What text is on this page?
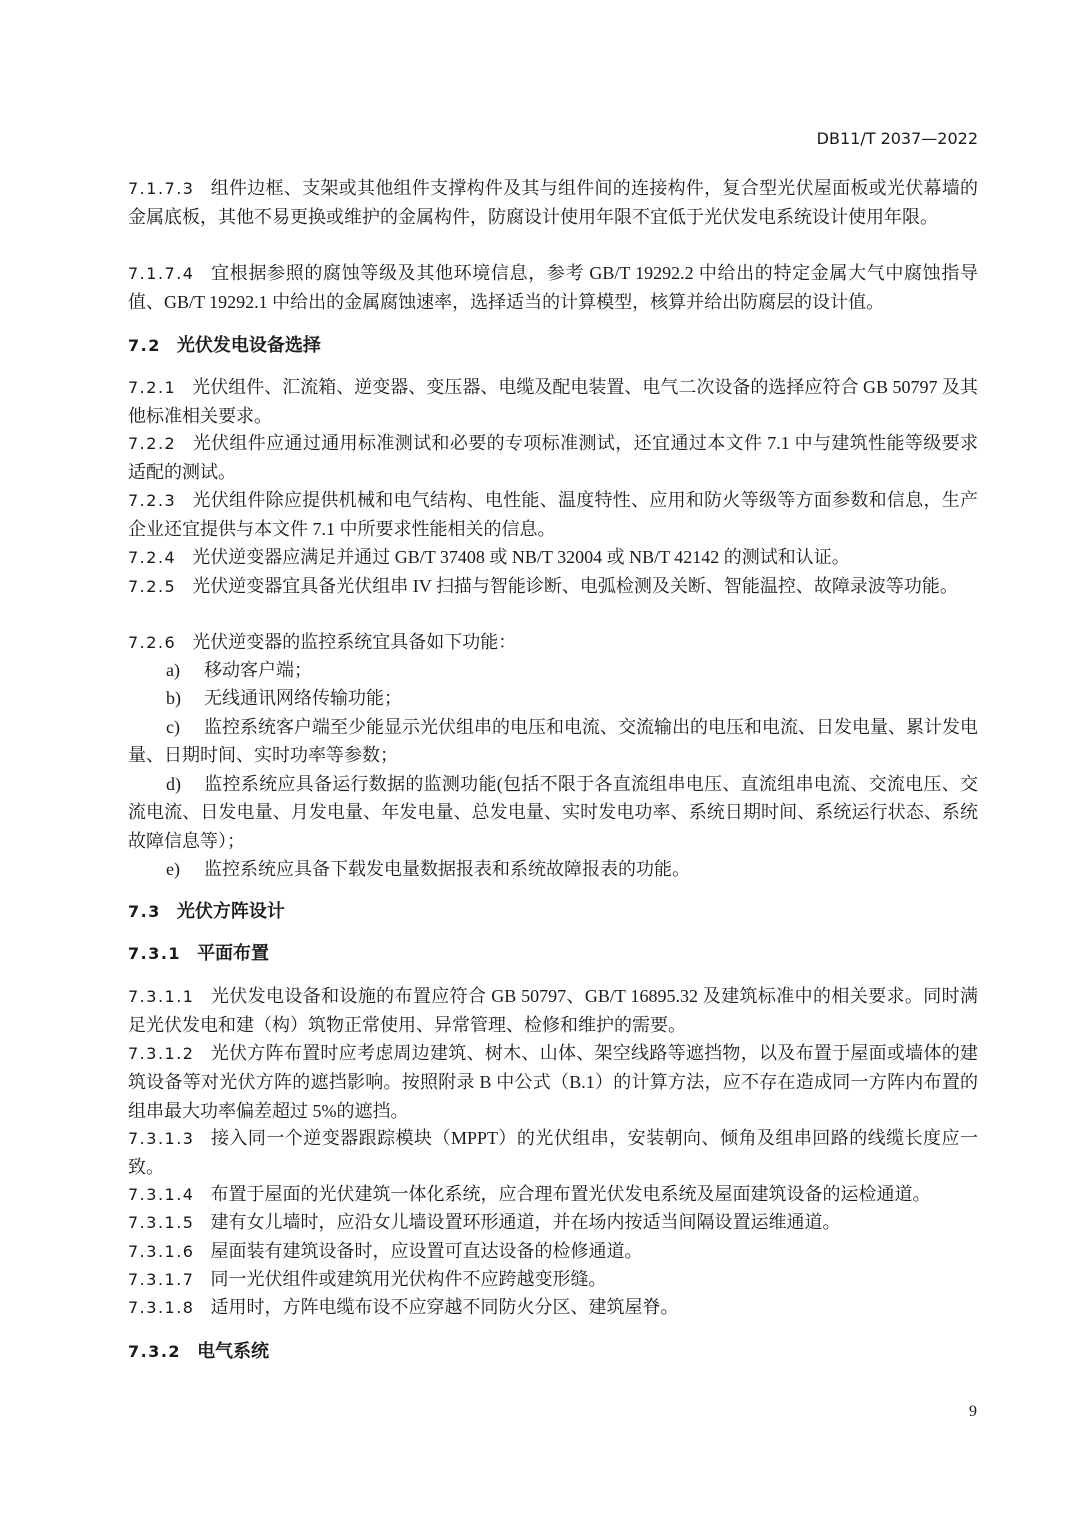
DB11/T 2037—2022
7.1.7.3 组件边框、支架或其他组件支撑构件及其与组件间的连接构件，复合型光伏屋面板或光伏幕墙的金属底板，其他不易更换或维护的金属构件，防腐设计使用年限不宜低于光伏发电系统设计使用年限。
7.1.7.4 宜根据参照的腐蚀等级及其他环境信息，参考 GB/T 19292.2 中给出的特定金属大气中腐蚀指导值、GB/T 19292.1 中给出的金属腐蚀速率，选择适当的计算模型，核算并给出防腐层的设计值。
7.2 光伏发电设备选择
7.2.1 光伏组件、汇流箱、逆变器、变压器、电缆及配电装置、电气二次设备的选择应符合 GB 50797 及其他标准相关要求。
7.2.2 光伏组件应通过通用标准测试和必要的专项标准测试，还宜通过本文件 7.1 中与建筑性能等级要求适配的测试。
7.2.3 光伏组件除应提供机械和电气结构、电性能、温度特性、应用和防火等级等方面参数和信息，生产企业还宜提供与本文件 7.1 中所要求性能相关的信息。
7.2.4 光伏逆变器应满足并通过 GB/T 37408 或 NB/T 32004 或 NB/T 42142 的测试和认证。
7.2.5 光伏逆变器宜具备光伏组串 IV 扫描与智能诊断、电弧检测及关断、智能温控、故障录波等功能。
7.2.6 光伏逆变器的监控系统宜具备如下功能：
7.3 光伏方阵设计
7.3.1 平面布置
7.3.1.1 光伏发电设备和设施的布置应符合 GB 50797、GB/T 16895.32 及建筑标准中的相关要求。同时满足光伏发电和建（构）筑物正常使用、异常管理、检修和维护的需要。
7.3.1.2 光伏方阵布置时应考虑周边建筑、树木、山体、架空线路等遮挡物，以及布置于屋面或墙体的建筑设备等对光伏方阵的遮挡影响。按照附录 B 中公式（B.1）的计算方法，应不存在造成同一方阵内布置的组串最大功率偏差超过 5%的遮挡。
7.3.1.3 接入同一个逆变器跟踪模块（MPPT）的光伏组串，安装朝向、倾角及组串回路的线缆长度应一致。
7.3.1.4 布置于屋面的光伏建筑一体化系统，应合理布置光伏发电系统及屋面建筑设备的运检通道。
7.3.1.5 建有女儿墙时，应沿女儿墙设置环形通道，并在场内按适当间隔设置运维通道。
7.3.1.6 屋面装有建筑设备时，应设置可直达设备的检修通道。
7.3.1.7 同一光伏组件或建筑用光伏构件不应跨越变形缝。
7.3.1.8 适用时，方阵电缆布设不应穿越不同防火分区、建筑屋脊。
7.3.2 电气系统
a) 移动客户端；
b) 无线通讯网络传输功能；
c) 监控系统客户端至少能显示光伏组串的电压和电流、交流输出的电压和电流、日发电量、累计发电量、日期时间、实时功率等参数；
d) 监控系统应具备运行数据的监测功能(包括不限于各直流组串电压、直流组串电流、交流电压、交流电流、日发电量、月发电量、年发电量、总发电量、实时发电功率、系统日期时间、系统运行状态、系统故障信息等）；
e) 监控系统应具备下载发电量数据报表和系统故障报表的功能。
9
